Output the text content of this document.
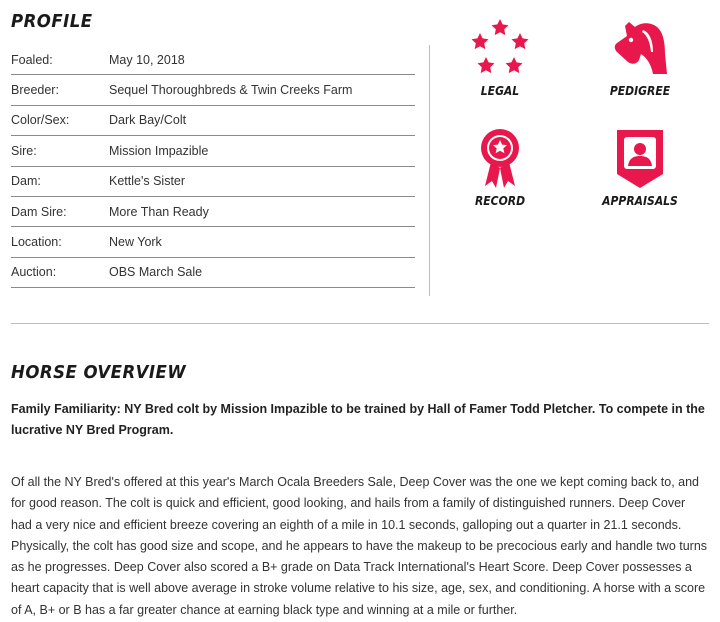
PROFILE
Foaled:	May 10, 2018
Breeder:	Sequel Thoroughbreds & Twin Creeks Farm
Color/Sex:	Dark Bay/Colt
Sire:	Mission Impazible
Dam:	Kettle's Sister
Dam Sire:	More Than Ready
Location:	New York
Auction:	OBS March Sale
LEGAL	PEDIGREE
RECORD	APPRAISALS
HORSE OVERVIEW

Family Familiarity: NY Bred colt by Mission Impazible to be trained by Hall of Famer Todd Pletcher. To compete in the lucrative NY Bred Program.

Of all the NY Bred's offered at this year's March Ocala Breeders Sale, Deep Cover was the one we kept coming back to, and for good reason. The colt is quick and efficient, good looking, and hails from a family of distinguished runners. Deep Cover had a very nice and efficient breeze covering an eighth of a mile in 10.1 seconds, galloping out a quarter in 21.1 seconds. Physically, the colt has good size and scope, and he appears to have the makeup to be precocious early and handle two turns as he progresses. Deep Cover also scored a B+ grade on Data Track International's Heart Score. Deep Cover possesses a heart capacity that is well above average in stroke volume relative to his size, age, sex, and conditioning. A horse with a score of A, B+ or B has a far greater chance at earning black type and winning at a mile or further.
